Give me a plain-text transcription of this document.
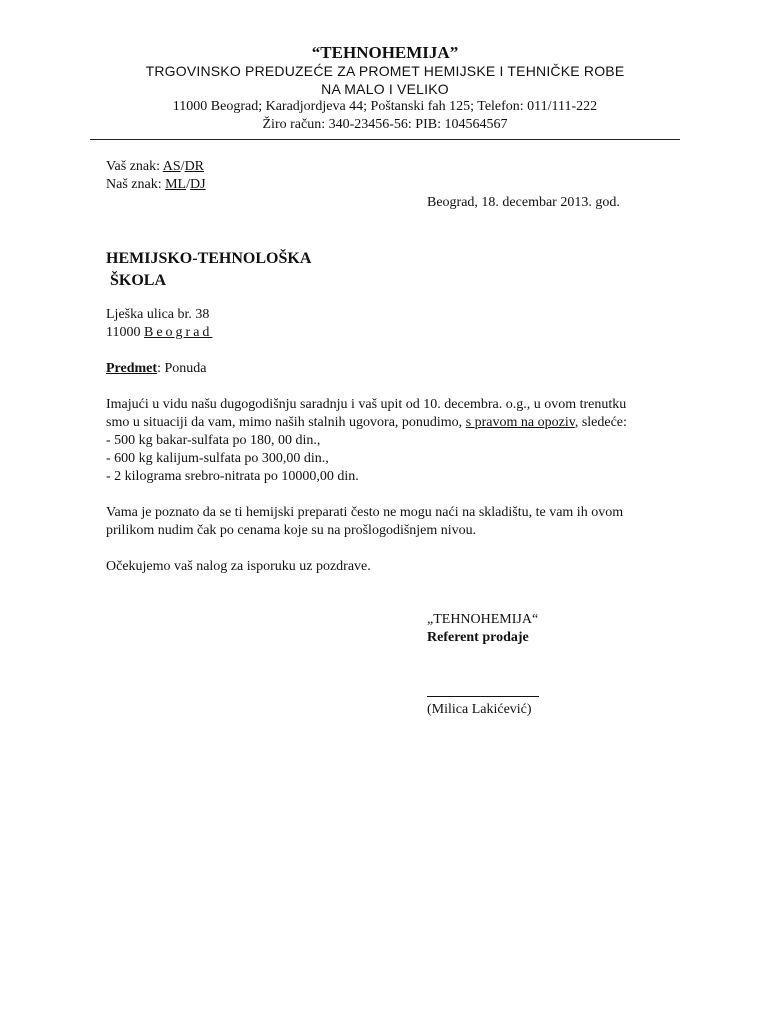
“TEHNOHEMIJA”
TRGOVINSKO PREDUZEĆE ZA PROMET HEMIJSKE I TEHNIČKE ROBE
NA MALO I VELIKO
11000 Beograd; Karadjordjeva 44; Poštanski fah 125; Telefon: 011/111-222
Žiro račun: 340-23456-56: PIB: 104564567
Vaš znak: AS/DR
Naš znak: ML/DJ
Beograd, 18. decembar 2013. god.
HEMIJSKO-TEHNOLOŠKA
ŠKOLA
Lješka ulica br. 38
11000 Beograd
Predmet: Ponuda
Imajući u vidu našu dugogodišnju saradnju i vaš upit od 10. decembra. o.g., u ovom trenutku
smo u situaciji da vam, mimo naših stalnih ugovora, ponudimo, s pravom na opoziv, sledeće:
- 500 kg bakar-sulfata po 180, 00 din.,
- 600 kg kalijum-sulfata po 300,00 din.,
- 2 kilograma srebro-nitrata po 10000,00 din.
Vama je poznato da se ti hemijski preparati često ne mogu naći na skladištu, te vam ih ovom
prilikom nudim čak po cenama koje su na prošlogodišnjem nivou.
Očekujemo vaš nalog za isporuku uz pozdrave.
„TEHNOHEMIJA“
Referent prodaje
(Milica Lakićević)
